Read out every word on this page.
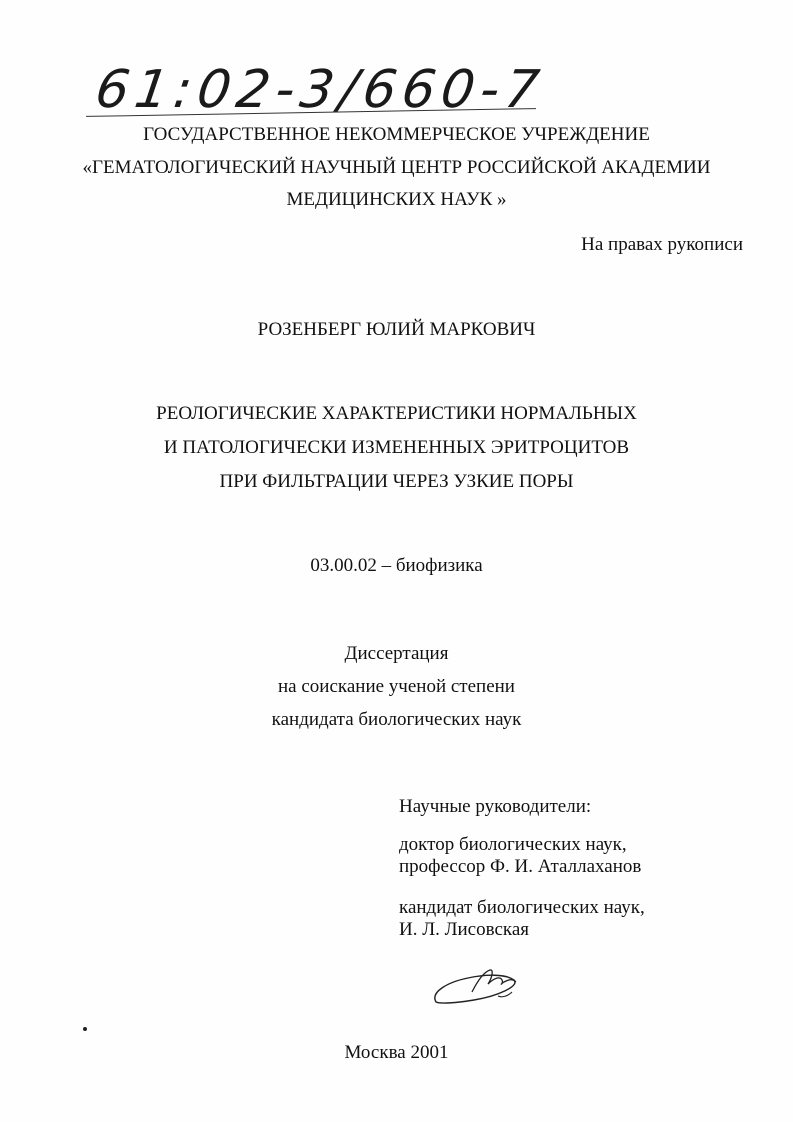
61:02-3/660-7
ГОСУДАРСТВЕННОЕ НЕКОММЕРЧЕСКОЕ УЧРЕЖДЕНИЕ
«ГЕМАТОЛОГИЧЕСКИЙ НАУЧНЫЙ ЦЕНТР РОССИЙСКОЙ АКАДЕМИИ
МЕДИЦИНСКИХ НАУК »
На правах рукописи
РОЗЕНБЕРГ ЮЛИЙ МАРКОВИЧ
РЕОЛОГИЧЕСКИЕ ХАРАКТЕРИСТИКИ НОРМАЛЬНЫХ
И ПАТОЛОГИЧЕСКИ ИЗМЕНЕННЫХ ЭРИТРОЦИТОВ
ПРИ ФИЛЬТРАЦИИ ЧЕРЕЗ УЗКИЕ ПОРЫ
03.00.02 – биофизика
Диссертация
на соискание ученой степени
кандидата биологических наук
Научные руководители:
доктор биологических наук,
профессор Ф. И. Аталлаханов
кандидат биологических наук,
И. Л. Лисовская
Москва 2001
